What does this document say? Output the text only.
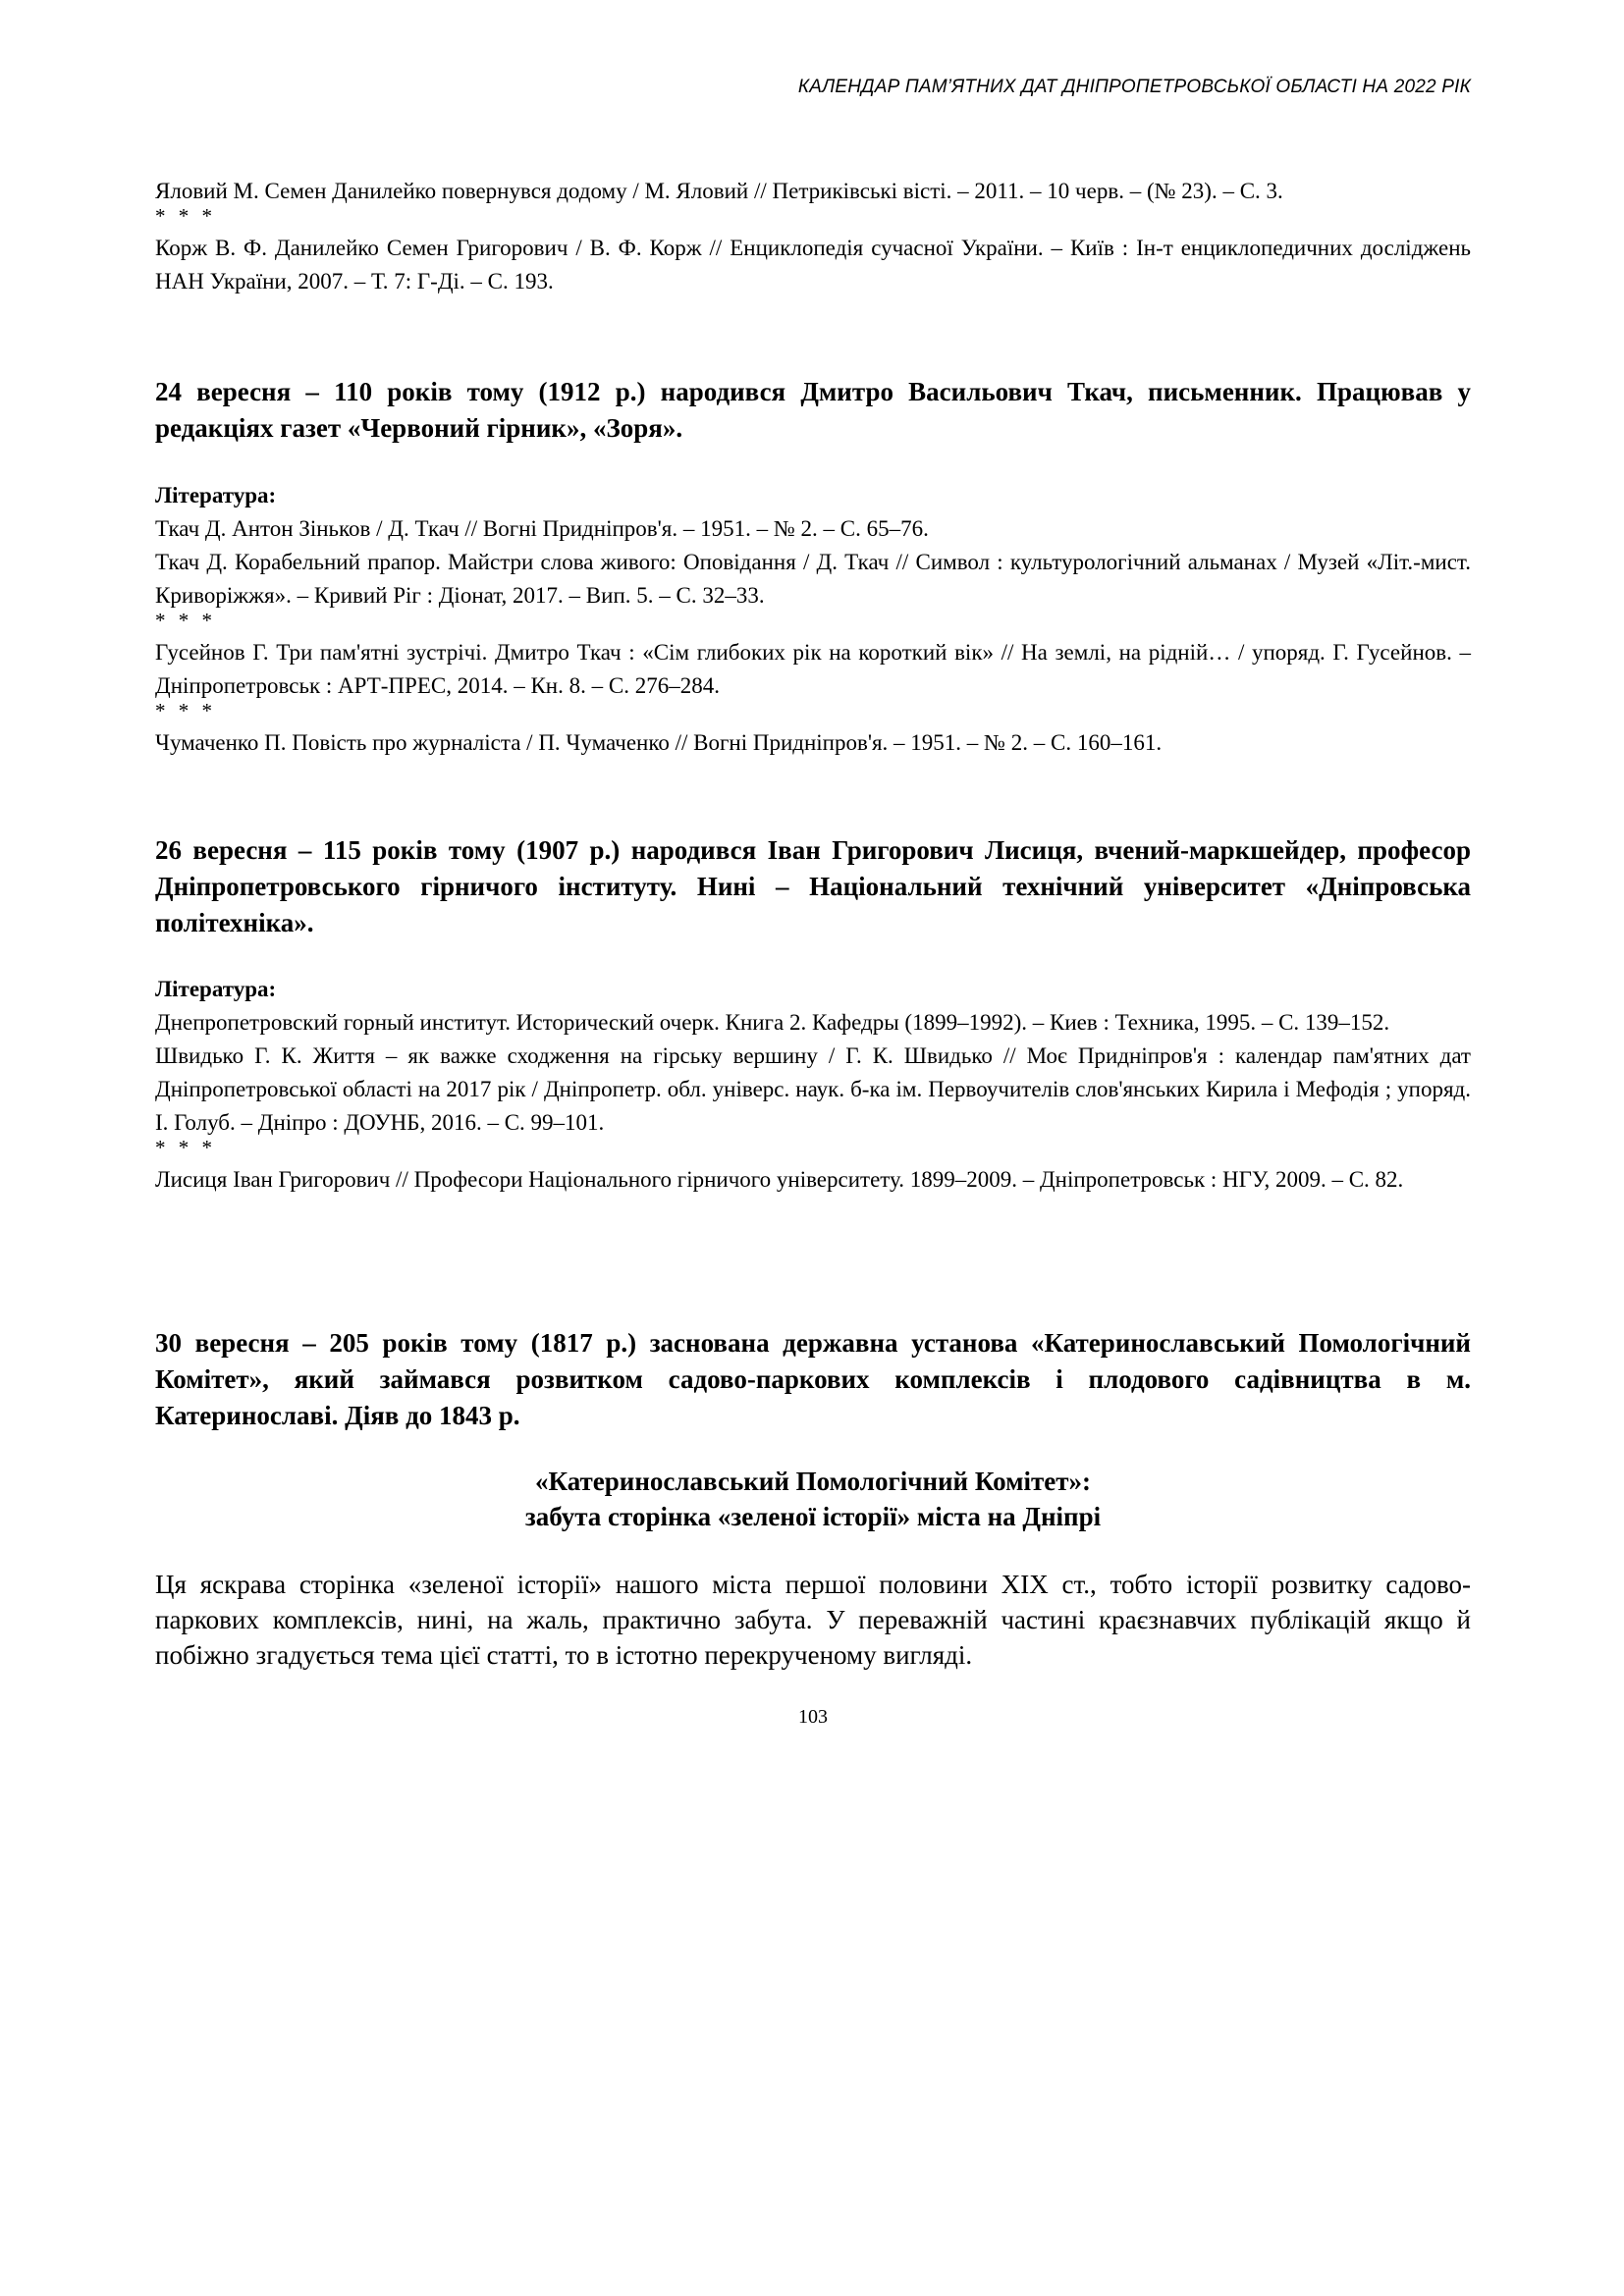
КАЛЕНДАР ПАМ’ЯТНИХ ДАТ ДНІПРОПЕТРОВСЬКОЇ ОБЛАСТІ НА 2022 РІК

Яловий М. Семен Данилейко повернувся додому / М. Яловий // Петриківські вісті. – 2011. – 10 черв. – (№ 23). – С. 3.

* * *

Корж В. Ф. Данилейко Семен Григорович / В. Ф. Корж // Енциклопедія сучасної України. – Київ : Ін-т енциклопедичних досліджень НАН України, 2007. – Т. 7: Г-Ді. – С. 193.

24 вересня – 110 років тому (1912 р.) народився Дмитро Васильович Ткач, письменник. Працював у редакціях газет «Червоний гірник», «Зоря».

Література:

Ткач Д. Антон Зіньков / Д. Ткач // Вогні Придніпров'я. – 1951. – № 2. – С. 65–76.

Ткач Д. Корабельний прапор. Майстри слова живого: Оповідання / Д. Ткач // Символ : культурологічний альманах / Музей «Літ.-мист. Криворіжжя». – Кривий Ріг : Діонат, 2017. – Вип. 5. – С. 32–33.

* * *

Гусейнов Г. Три пам'ятні зустрічі. Дмитро Ткач : «Сім глибоких рік на короткий вік» // На землі, на рідній… / упоряд. Г. Гусейнов. – Дніпропетровськ : АРТ-ПРЕС, 2014. – Кн. 8. – С. 276–284.

* * *

Чумаченко П. Повість про журналіста / П. Чумаченко // Вогні Придніпров'я. – 1951. – № 2. – С. 160–161.

26 вересня – 115 років тому (1907 р.) народився Іван Григорович Лисиця, вчений-маркшейдер, професор Дніпропетровського гірничого інституту. Нині – Національний технічний університет «Дніпровська політехніка».

Література:

Днепропетровский горный институт. Исторический очерк. Книга 2. Кафедры (1899–1992). – Киев : Техника, 1995. – С. 139–152.

Швидько Г. К. Життя – як важке сходження на гірську вершину / Г. К. Швидько // Моє Придніпров'я : календар пам'ятних дат Дніпропетровської області на 2017 рік / Дніпропетр. обл. універс. наук. б-ка ім. Первоучителів слов'янських Кирила і Мефодія ; упоряд. І. Голуб. – Дніпро : ДОУНБ, 2016. – С. 99–101.

* * *

Лисиця Іван Григорович // Професори Національного гірничого університету. 1899–2009. – Дніпропетровськ : НГУ, 2009. – С. 82.

30 вересня – 205 років тому (1817 р.) заснована державна установа «Катеринославський Помологічний Комітет», який займався розвитком садово-паркових комплексів і плодового садівництва в м. Катеринославі. Діяв до 1843 р.

«Катеринославський Помологічний Комітет»:

забута сторінка «зеленої історії» міста на Дніпрі

Ця яскрава сторінка «зеленої історії» нашого міста першої половини XIX ст., тобто історії розвитку садово-паркових комплексів, нині, на жаль, практично забута. У переважній частині краєзнавчих публікацій якщо й побіжно згадується тема цієї статті, то в істотно перекрученому вигляді.

103
